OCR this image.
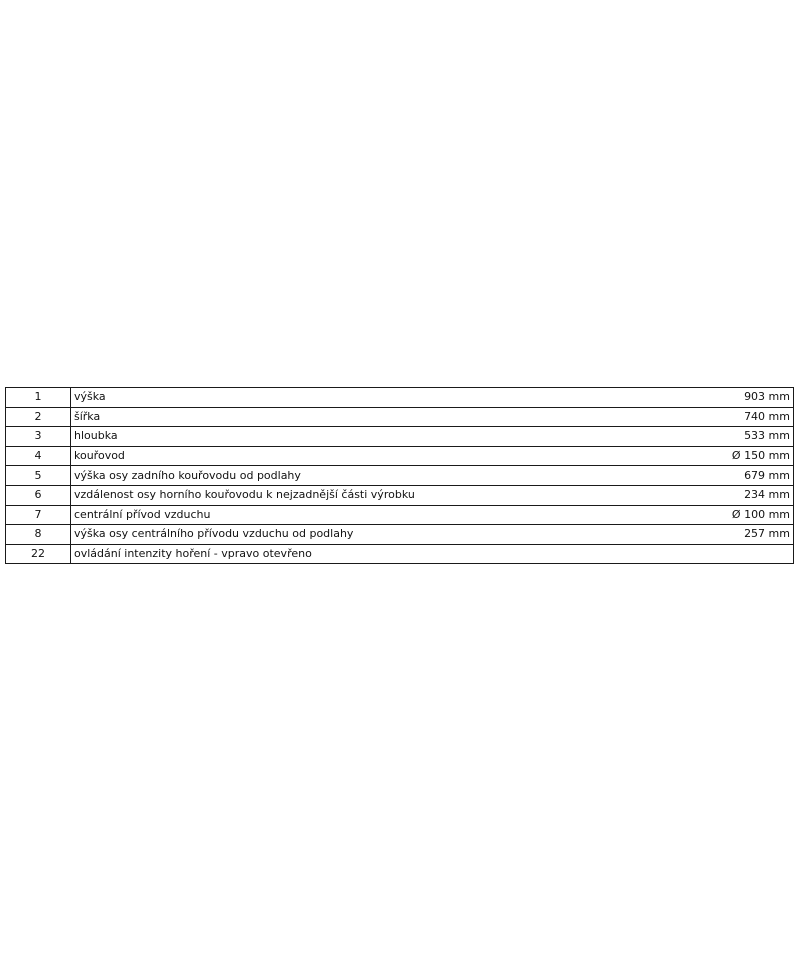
1	výška	903 mm
2	šířka	740 mm
3	hloubka	533 mm
4	kouřovod	Ø 150 mm
5	výška osy zadního kouřovodu od podlahy	679 mm
6	vzdálenost osy horního kouřovodu k nejzadnější části výrobku	234 mm
7	centrální přívod vzduchu	Ø 100 mm
8	výška osy centrálního přívodu vzduchu od podlahy	257 mm
22	ovládání intenzity hoření - vpravo otevřeno	
